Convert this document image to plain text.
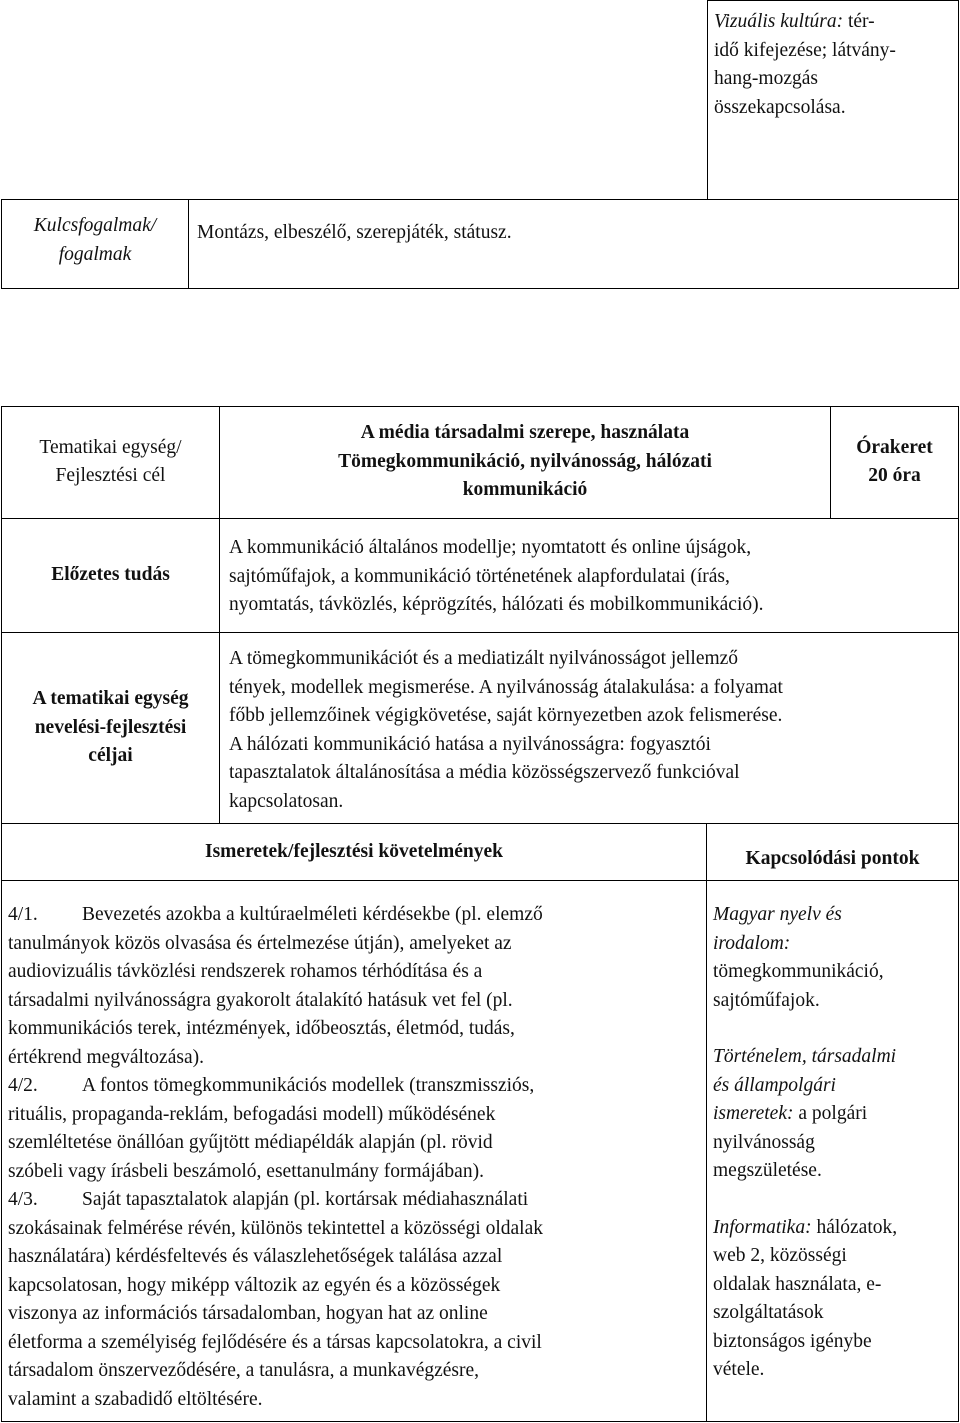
Vizuális kultúra: tér-
idő kifejezése; látvány-
hang-mozgás
összekapcsolása.
Kulcsfogalmak/
fogalmak
Montázs, elbeszélő, szerepjáték, státusz.
Tematikai egység/
Fejlesztési cél
A média társadalmi szerepe, használata
Tömegkommunikáció, nyilvánosság, hálózati
kommunikáció
Órakeret
20 óra
Előzetes tudás
A kommunikáció általános modellje; nyomtatott és online újságok,
sajtóműfajok, a kommunikáció történetének alapfordulatai (írás,
nyomtatás, távközlés, képrögzítés, hálózati és mobilkommunikáció).
A tematikai egység
nevelési-fejlesztési
céljai
A tömegkommunikációt és a mediatizált nyilvánosságot jellemző
tények, modellek megismerése. A nyilvánosság átalakulása: a folyamat
főbb jellemzőinek végigkövetése, saját környezetben azok felismerése.
A hálózati kommunikáció hatása a nyilvánosságra: fogyasztói
tapasztalatok általánosítása a média közösségszervező funkcióval
kapcsolatosan.
Ismeretek/fejlesztési követelmények	Kapcsolódási pontok
4/1. Bevezetés azokba a kultúraelméleti kérdésekbe (pl. elemző
tanulmányok közös olvasása és értelmezése útján), amelyeket az
audiovizuális távközlési rendszerek rohamos térhódítása és a
társadalmi nyilvánosságra gyakorolt átalakító hatásuk vet fel (pl.
kommunikációs terek, intézmények, időbeosztás, életmód, tudás,
értékrend megváltozása).
4/2. A fontos tömegkommunikációs modellek (transzmissziós,
rituális, propaganda-reklám, befogadási modell) működésének
szemléltetése önállóan gyűjtött médiapéldák alapján (pl. rövid
szóbeli vagy írásbeli beszámoló, esettanulmány formájában).
4/3. Saját tapasztalatok alapján (pl. kortársak médiahasználati
szokásainak felmérése révén, különös tekintettel a közösségi oldalak
használatára) kérdésfeltevés és válaszlehetőségek találása azzal
kapcsolatosan, hogy miképp változik az egyén és a közösségek
viszonya az információs társadalomban, hogyan hat az online
életforma a személyiség fejlődésére és a társas kapcsolatokra, a civil
társadalom önszerveződésére, a tanulásra, a munkavégzésre,
valamint a szabadidő eltöltésére.
Magyar nyelv és
irodalom:
tömegkommunikáció,
sajtóműfajok.
Történelem, társadalmi
és állampolgári
ismeretek: a polgári
nyilvánosság
megszületése.
Informatika: hálózatok,
web 2, közösségi
oldalak használata, e-
szolgáltatások
biztonságos igénybe
vétele.
